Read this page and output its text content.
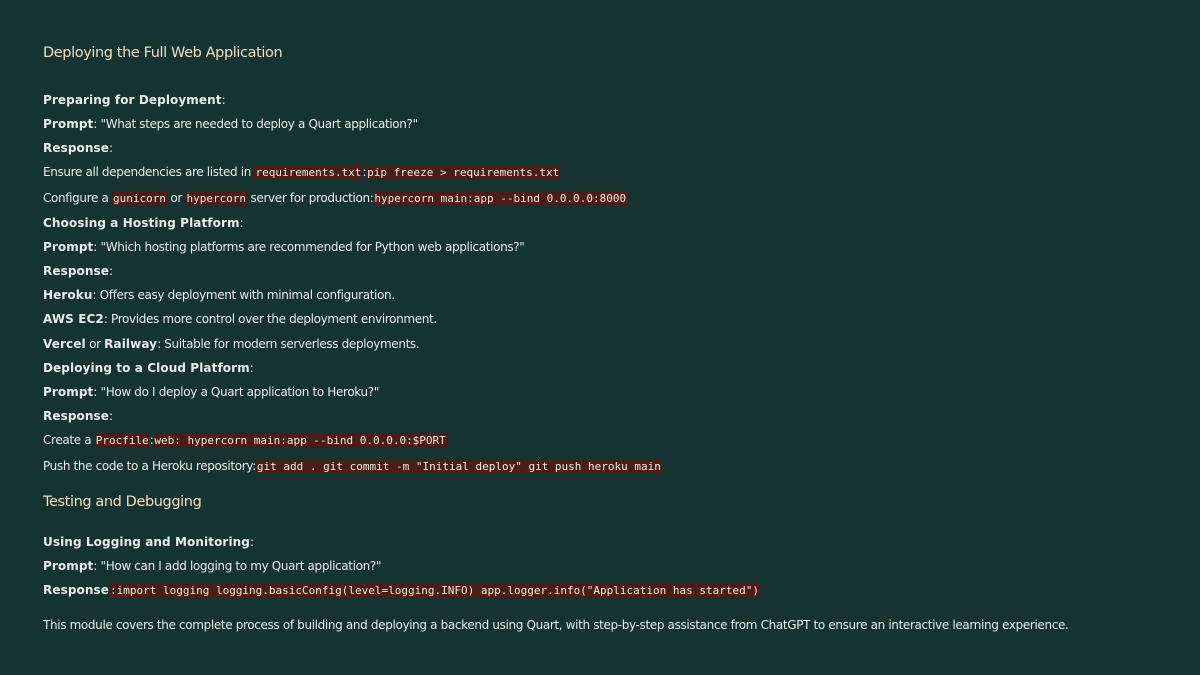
Deploying the Full Web Application
Preparing for Deployment:
Prompt: "What steps are needed to deploy a Quart application?"
Response:
Ensure all dependencies are listed in requirements.txt:pip freeze > requirements.txt
Configure a gunicorn or hypercorn server for production:hypercorn main:app --bind 0.0.0.0:8000
Choosing a Hosting Platform:
Prompt: "Which hosting platforms are recommended for Python web applications?"
Response:
Heroku: Offers easy deployment with minimal configuration.
AWS EC2: Provides more control over the deployment environment.
Vercel or Railway: Suitable for modern serverless deployments.
Deploying to a Cloud Platform:
Prompt: "How do I deploy a Quart application to Heroku?"
Response:
Create a Procfile:web: hypercorn main:app --bind 0.0.0.0:$PORT
Push the code to a Heroku repository:git add . git commit -m "Initial deploy" git push heroku main
Testing and Debugging
Using Logging and Monitoring:
Prompt: "How can I add logging to my Quart application?"
Response:import logging logging.basicConfig(level=logging.INFO) app.logger.info("Application has started")
This module covers the complete process of building and deploying a backend using Quart, with step-by-step assistance from ChatGPT to ensure an interactive learning experience.
